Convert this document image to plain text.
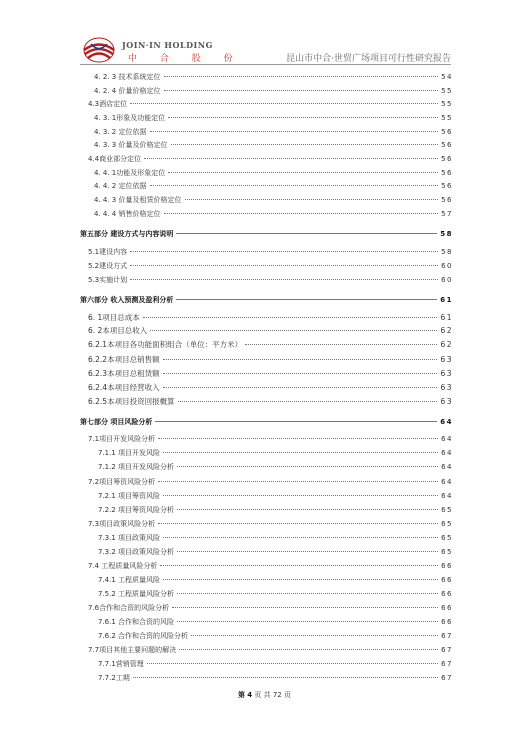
JOIN·IN HOLDING
中 合 股 份	昆山市中合·世贸广场项目可行性研究报告
4. 2. 3 技术系统定位	54
4. 2. 4 价量价格定位	55
4.3酒店定位	55
4. 3. 1形象及功能定位	55
4. 3. 2 定位依据	56
4. 3. 3 价量及价格定位	56
4.4商业部分定位	56
4. 4. 1功能及形象定位	56
4. 4. 2 定位依据	56
4. 4. 3 价量及租赁价格定位	56
4. 4. 4 销售价格定位	57
第五部分 建设方式与内容说明	58
5.1建设内容	58
5.2建设方式	60
5.3实施计划	60
第六部分 收入预测及盈利分析	61
6. 1项目总成本	61
6. 2本项目总收入	62
6.2.1本项目各功能面积组合（单位：平方米）	62
6.2.2本项目总销售额	63
6.2.3本项目总租赁额	63
6.2.4本项目经营收入	63
6.2.5本项目投资回报概算	63
第七部分 项目风险分析	64
7.1项目开发风险分析	64
7.1.1 项目开发风险	64
7.1.2 项目开发风险分析	64
7.2项目筹资风险分析	64
7.2.1 项目筹资风险	64
7.2.2 项目筹资风险分析	65
7.3项目政策风险分析	65
7.3.1 项目政策风险	65
7.3.2 项目政策风险分析	65
7.4 工程质量风险分析	66
7.4.1 工程质量风险	66
7.5.2 工程质量风险分析	66
7.6合作和合资的风险分析	66
7.6.1 合作和合资的风险	66
7.6.2 合作和合资的风险分析	67
7.7项目其他主要问题的解决	67
7.7.1营销管理	67
7.7.2工期	67
第 4 页 共 72 页
